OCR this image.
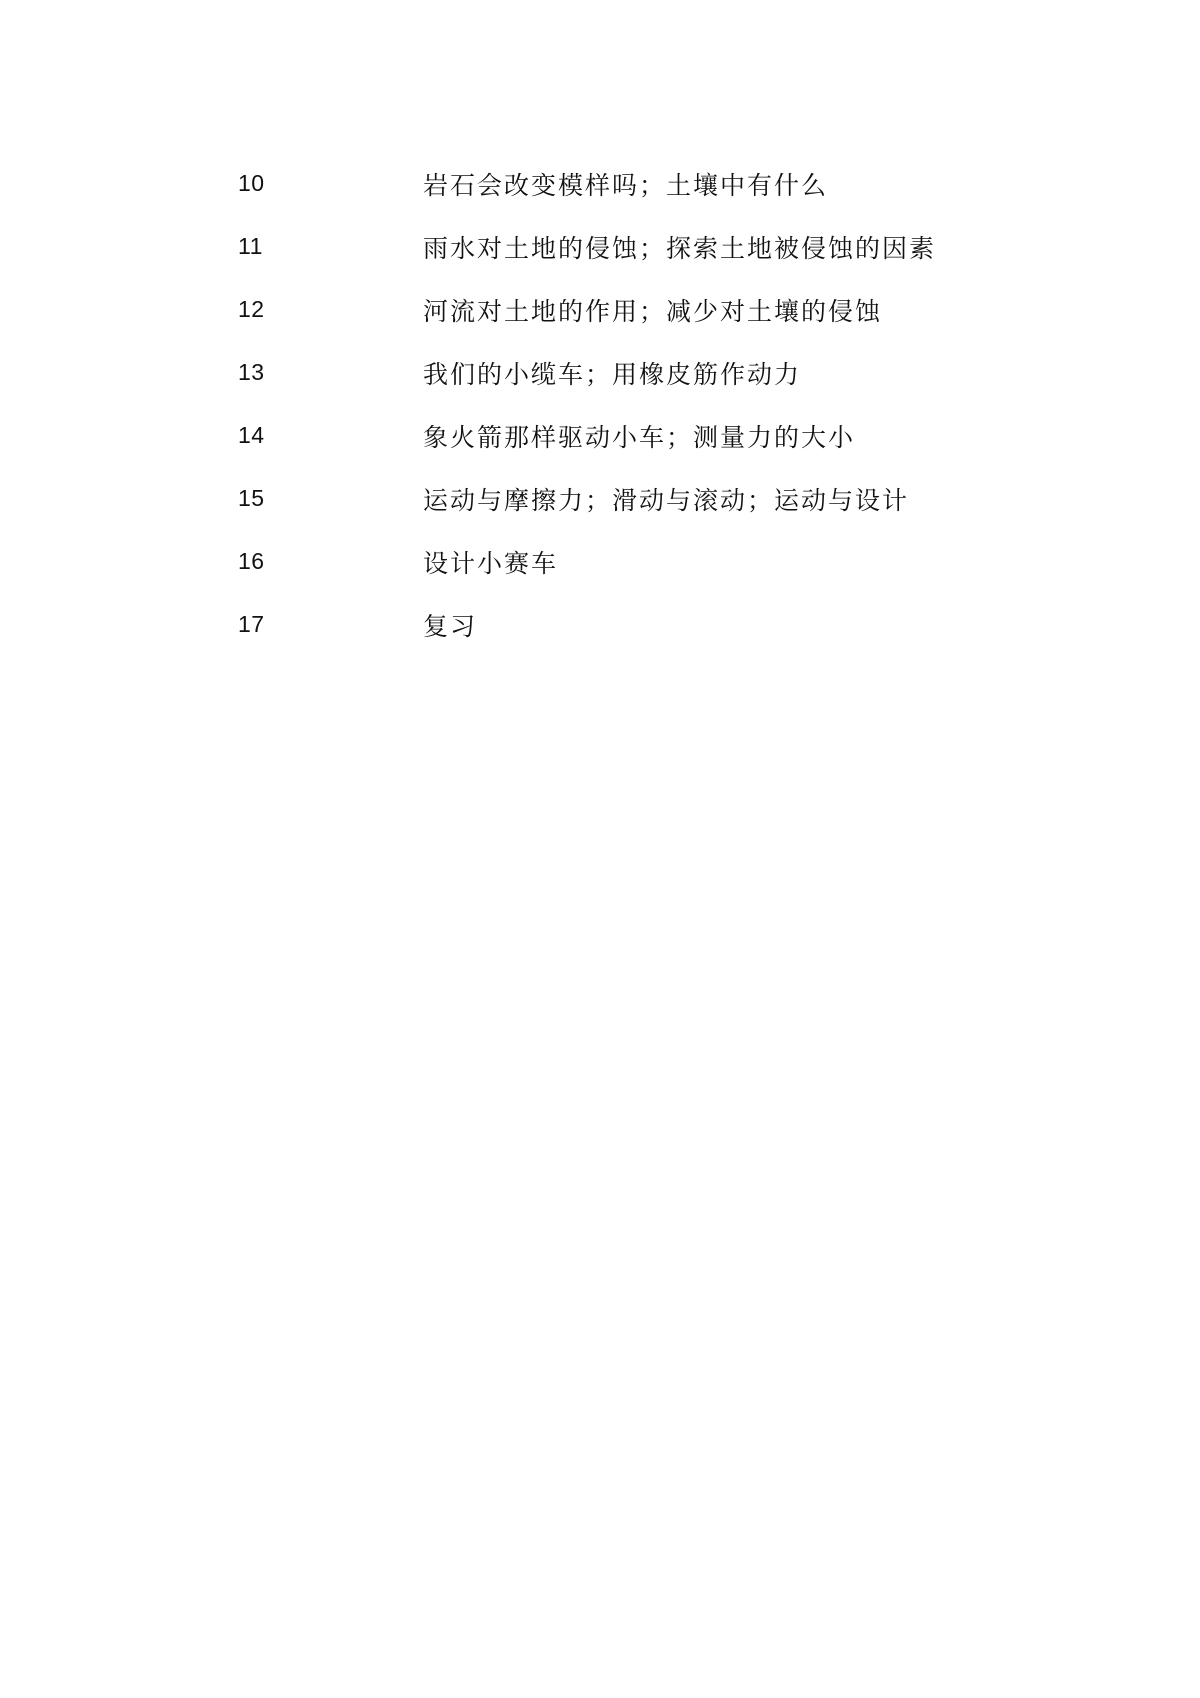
10	岩石会改变模样吗；土壤中有什么
11	雨水对土地的侵蚀；探索土地被侵蚀的因素
12	河流对土地的作用；减少对土壤的侵蚀
13	我们的小缆车；用橡皮筋作动力
14	象火箭那样驱动小车；测量力的大小
15	运动与摩擦力；滑动与滚动；运动与设计
16	设计小赛车
17	复习
